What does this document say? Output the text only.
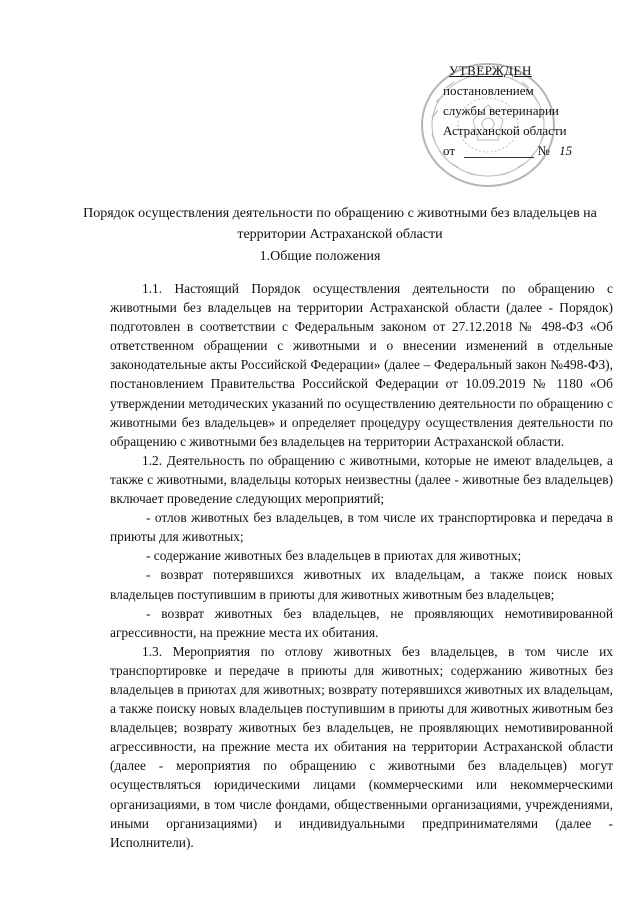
УТВЕРЖДЕН
постановлением
службы ветеринарии
Астраханской области
от	№ 15
Порядок осуществления деятельности по обращению с животными без владельцев на территории Астраханской области
1.Общие положения

1.1. Настоящий Порядок осуществления деятельности по обращению с животными без владельцев на территории Астраханской области (далее - Порядок) подготовлен в соответствии с Федеральным законом от 27.12.2018 № 498-ФЗ «Об ответственном обращении с животными и о внесении изменений в отдельные законодательные акты Российской Федерации» (далее – Федеральный закон №498-ФЗ), постановлением Правительства Российской Федерации от 10.09.2019 № 1180 «Об утверждении методических указаний по осуществлению деятельности по обращению с животными без владельцев» и определяет процедуру осуществления деятельности по обращению с животными без владельцев на территории Астраханской области.

1.2. Деятельность по обращению с животными, которые не имеют владельцев, а также с животными, владельцы которых неизвестны (далее - животные без владельцев) включает проведение следующих мероприятий;

- отлов животных без владельцев, в том числе их транспортировка и передача в приюты для животных;

- содержание животных без владельцев в приютах для животных;

- возврат потерявшихся животных их владельцам, а также поиск новых владельцев поступившим в приюты для животных животным без владельцев;

- возврат животных без владельцев, не проявляющих немотивированной агрессивности, на прежние места их обитания.

1.3. Мероприятия по отлову животных без владельцев, в том числе их транспортировке и передаче в приюты для животных; содержанию животных без владельцев в приютах для животных; возврату потерявшихся животных их владельцам, а также поиску новых владельцев поступившим в приюты для животных животным без владельцев; возврату животных без владельцев, не проявляющих немотивированной агрессивности, на прежние места их обитания на территории Астраханской области (далее - мероприятия по обращению с животными без владельцев) могут осуществляться юридическими лицами (коммерческими или некоммерческими организациями, в том числе фондами, общественными организациями, учреждениями, иными организациями) и индивидуальными предпринимателями (далее - Исполнители).
